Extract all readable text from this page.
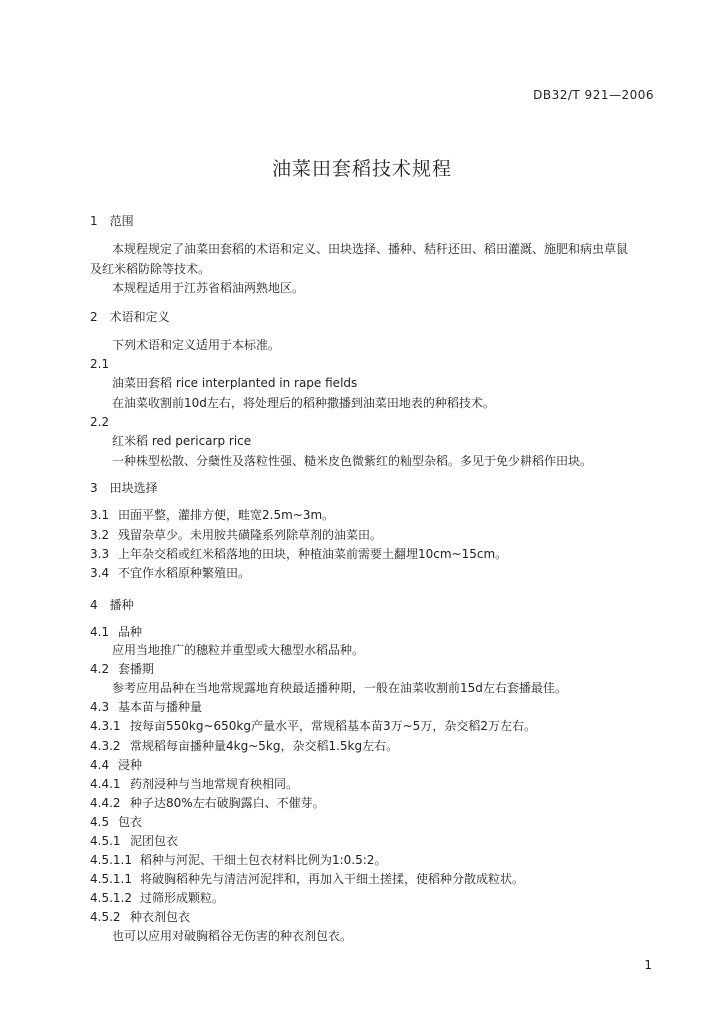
DB32/T 921—2006
油菜田套稻技术规程
1 范围
本规程规定了油菜田套稻的术语和定义、田块选择、播种、秸秆还田、稻田灌溉、施肥和病虫草鼠
及红米稻防除等技术。
本规程适用于江苏省稻油两熟地区。
2 术语和定义
下列术语和定义适用于本标准。
2.1
油菜田套稻 rice interplanted in rape fields
在油菜收割前10d左右，将处理后的稻种撒播到油菜田地表的种稻技术。
2.2
红米稻 red pericarp rice
一种株型松散、分蘖性及落粒性强、糙米皮色微紫红的籼型杂稻。多见于免少耕稻作田块。
3 田块选择
3.1 田面平整，灌排方便，畦宽2.5m~3m。
3.2 残留杂草少。未用胺共磺隆系列除草剂的油菜田。
3.3 上年杂交稻或红米稻落地的田块，种植油菜前需要土翻埋10cm~15cm。
3.4 不宜作水稻原种繁殖田。
4 播种
4.1 品种
应用当地推广的穗粒并重型或大穗型水稻品种。
4.2 套播期
参考应用品种在当地常规露地育秧最适播种期，一般在油菜收割前15d左右套播最佳。
4.3 基本苗与播种量
4.3.1 按每亩550kg~650kg产量水平，常规稻基本苗3万~5万，杂交稻2万左右。
4.3.2 常规稻每亩播种量4kg~5kg，杂交稻1.5kg左右。
4.4 浸种
4.4.1 药剂浸种与当地常规育秧相同。
4.4.2 种子达80%左右破胸露白、不催芽。
4.5 包衣
4.5.1 泥团包衣
4.5.1.1 稻种与河泥、干细土包衣材料比例为1:0.5:2。
4.5.1.1 将破胸稻种先与清洁河泥拌和，再加入干细土搓揉，使稻种分散成粒状。
4.5.1.2 过筛形成颗粒。
4.5.2 种衣剂包衣
也可以应用对破胸稻谷无伤害的种衣剂包衣。
1
